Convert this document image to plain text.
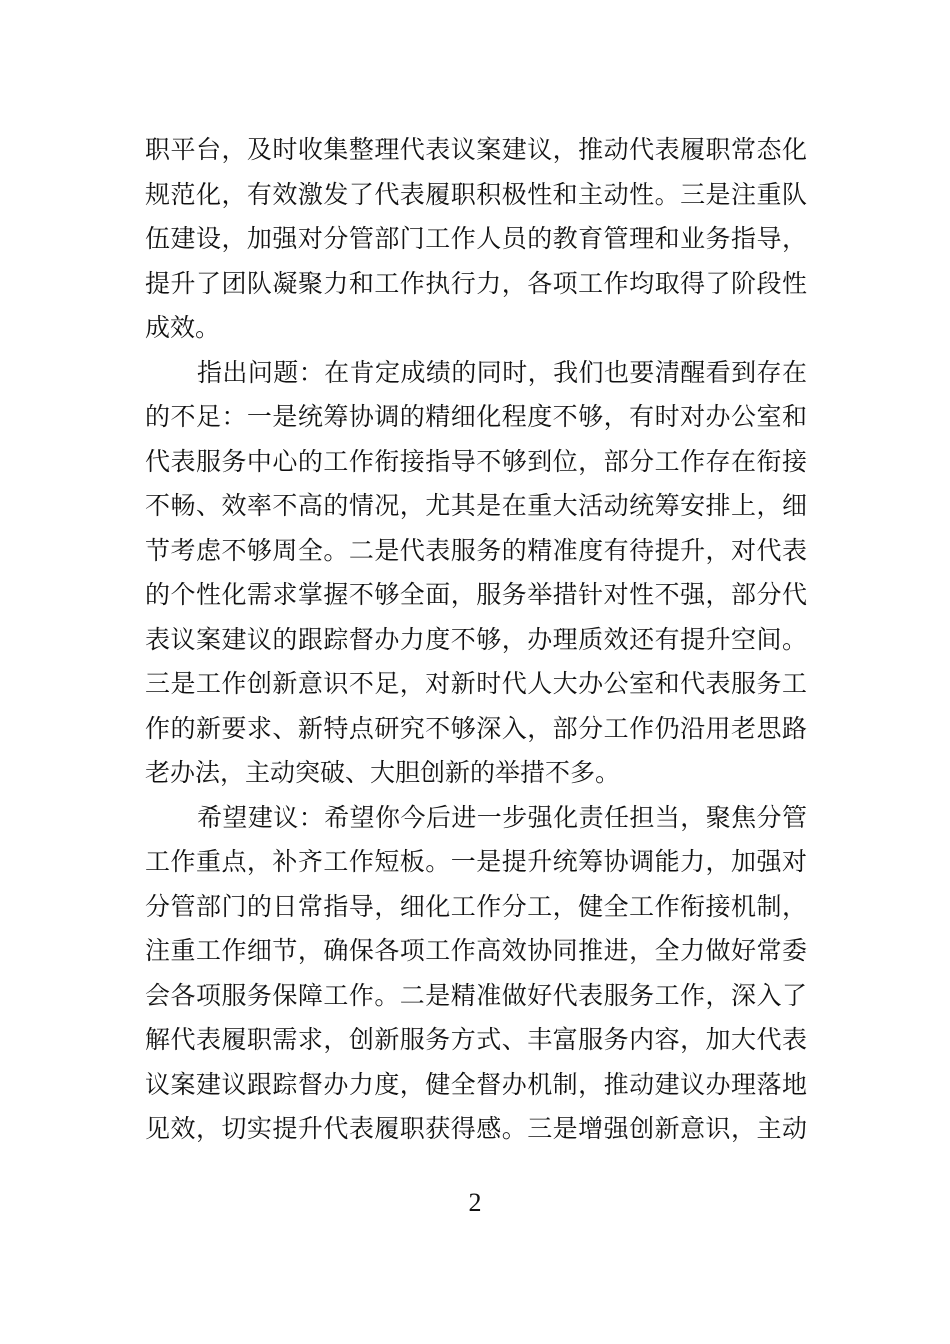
职平台，及时收集整理代表议案建议，推动代表履职常态化
规范化，有效激发了代表履职积极性和主动性。三是注重队
伍建设，加强对分管部门工作人员的教育管理和业务指导，
提升了团队凝聚力和工作执行力，各项工作均取得了阶段性
成效。
指出问题：在肯定成绩的同时，我们也要清醒看到存在
的不足：一是统筹协调的精细化程度不够，有时对办公室和
代表服务中心的工作衔接指导不够到位，部分工作存在衔接
不畅、效率不高的情况，尤其是在重大活动统筹安排上，细
节考虑不够周全。二是代表服务的精准度有待提升，对代表
的个性化需求掌握不够全面，服务举措针对性不强，部分代
表议案建议的跟踪督办力度不够，办理质效还有提升空间。
三是工作创新意识不足，对新时代人大办公室和代表服务工
作的新要求、新特点研究不够深入，部分工作仍沿用老思路
老办法，主动突破、大胆创新的举措不多。
希望建议：希望你今后进一步强化责任担当，聚焦分管
工作重点，补齐工作短板。一是提升统筹协调能力，加强对
分管部门的日常指导，细化工作分工，健全工作衔接机制，
注重工作细节，确保各项工作高效协同推进，全力做好常委
会各项服务保障工作。二是精准做好代表服务工作，深入了
解代表履职需求，创新服务方式、丰富服务内容，加大代表
议案建议跟踪督办力度，健全督办机制，推动建议办理落地
见效，切实提升代表履职获得感。三是增强创新意识，主动
2
